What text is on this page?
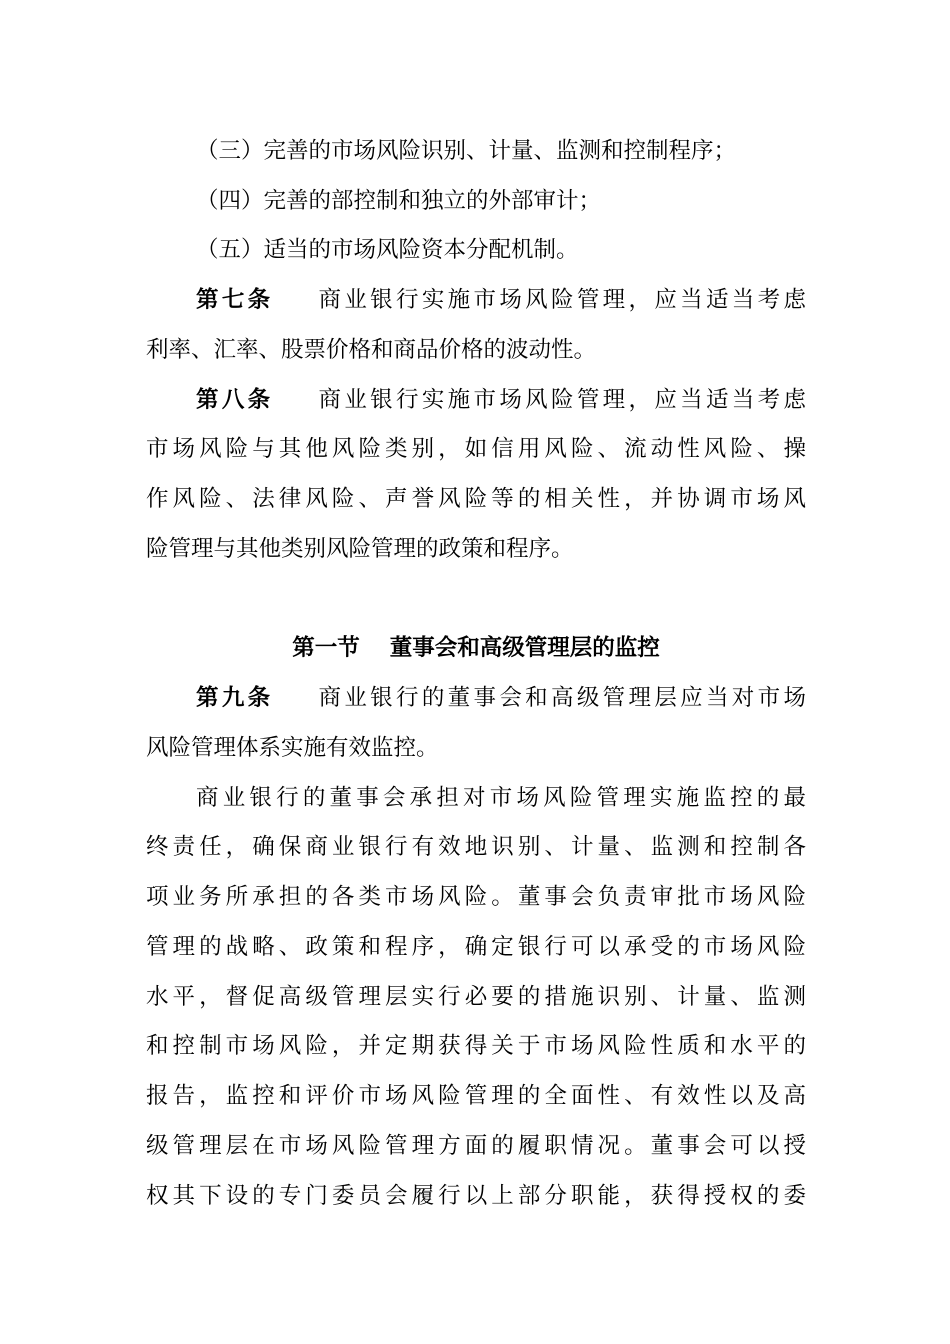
（三）完善的市场风险识别、计量、监测和控制程序；
（四）完善的部控制和独立的外部审计；
（五）适当的市场风险资本分配机制。
第七条 商业银行实施市场风险管理，应当适当考虑
利率、汇率、股票价格和商品价格的波动性。
第八条 商业银行实施市场风险管理，应当适当考虑
市场风险与其他风险类别，如信用风险、流动性风险、操
作风险、法律风险、声誉风险等的相关性，并协调市场风
险管理与其他类别风险管理的政策和程序。
第一节 董事会和高级管理层的监控
第九条 商业银行的董事会和高级管理层应当对市场
风险管理体系实施有效监控。
商业银行的董事会承担对市场风险管理实施监控的最
终责任，确保商业银行有效地识别、计量、监测和控制各
项业务所承担的各类市场风险。董事会负责审批市场风险
管理的战略、政策和程序，确定银行可以承受的市场风险
水平，督促高级管理层实行必要的措施识别、计量、监测
和控制市场风险，并定期获得关于市场风险性质和水平的
报告，监控和评价市场风险管理的全面性、有效性以及高
级管理层在市场风险管理方面的履职情况。董事会可以授
权其下设的专门委员会履行以上部分职能，获得授权的委
